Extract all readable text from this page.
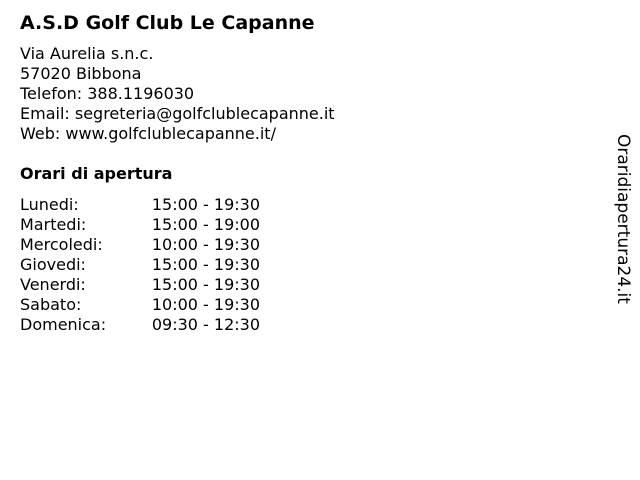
A.S.D Golf Club Le Capanne
Via Aurelia s.n.c.
57020 Bibbona
Telefon: 388.1196030
Email: segreteria@golfclublecapanne.it
Web: www.golfclublecapanne.it/
Orari di apertura
Lunedi:	15:00 - 19:30
Martedi:	15:00 - 19:00
Mercoledi:	10:00 - 19:30
Giovedi:	15:00 - 19:30
Venerdi:	15:00 - 19:30
Sabato:	10:00 - 19:30
Domenica:	09:30 - 12:30
Oraridiapertura24.it
